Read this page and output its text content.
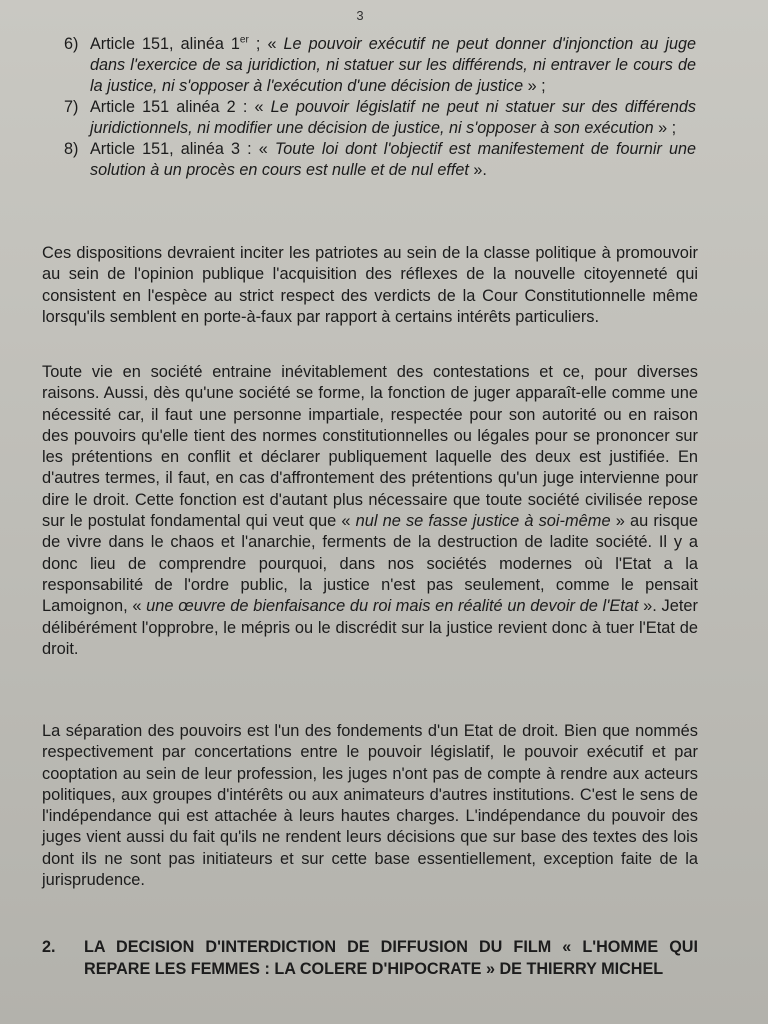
3
6) Article 151, alinéa 1er ; « Le pouvoir exécutif ne peut donner d'injonction au juge dans l'exercice de sa juridiction, ni statuer sur les différends, ni entraver le cours de la justice, ni s'opposer à l'exécution d'une décision de justice » ;
7) Article 151 alinéa 2 : « Le pouvoir législatif ne peut ni statuer sur des différends juridictionnels, ni modifier une décision de justice, ni s'opposer à son exécution » ;
8) Article 151, alinéa 3 : « Toute loi dont l'objectif est manifestement de fournir une solution à un procès en cours est nulle et de nul effet ».

Ces dispositions devraient inciter les patriotes au sein de la classe politique à promouvoir au sein de l'opinion publique l'acquisition des réflexes de la nouvelle citoyenneté qui consistent en l'espèce au strict respect des verdicts de la Cour Constitutionnelle même lorsqu'ils semblent en porte-à-faux par rapport à certains intérêts particuliers.

Toute vie en société entraine inévitablement des contestations et ce, pour diverses raisons. Aussi, dès qu'une société se forme, la fonction de juger apparaît-elle comme une nécessité car, il faut une personne impartiale, respectée pour son autorité ou en raison des pouvoirs qu'elle tient des normes constitutionnelles ou légales pour se prononcer sur les prétentions en conflit et déclarer publiquement laquelle des deux est justifiée. En d'autres termes, il faut, en cas d'affrontement des prétentions qu'un juge intervienne pour dire le droit. Cette fonction est d'autant plus nécessaire que toute société civilisée repose sur le postulat fondamental qui veut que « nul ne se fasse justice à soi-même » au risque de vivre dans le chaos et l'anarchie, ferments de la destruction de ladite société. Il y a donc lieu de comprendre pourquoi, dans nos sociétés modernes où l'Etat a la responsabilité de l'ordre public, la justice n'est pas seulement, comme le pensait Lamoignon, « une œuvre de bienfaisance du roi mais en réalité un devoir de l'Etat ». Jeter délibérément l'opprobre, le mépris ou le discrédit sur la justice revient donc à tuer l'Etat de droit.

La séparation des pouvoirs est l'un des fondements d'un Etat de droit. Bien que nommés respectivement par concertations entre le pouvoir législatif, le pouvoir exécutif et par cooptation au sein de leur profession, les juges n'ont pas de compte à rendre aux acteurs politiques, aux groupes d'intérêts ou aux animateurs d'autres institutions. C'est le sens de l'indépendance qui est attachée à leurs hautes charges. L'indépendance du pouvoir des juges vient aussi du fait qu'ils ne rendent leurs décisions que sur base des textes des lois dont ils ne sont pas initiateurs et sur cette base essentiellement, exception faite de la jurisprudence.

2. LA DECISION D'INTERDICTION DE DIFFUSION DU FILM « L'HOMME QUI REPARE LES FEMMES : LA COLERE D'HIPOCRATE » DE THIERRY MICHEL
